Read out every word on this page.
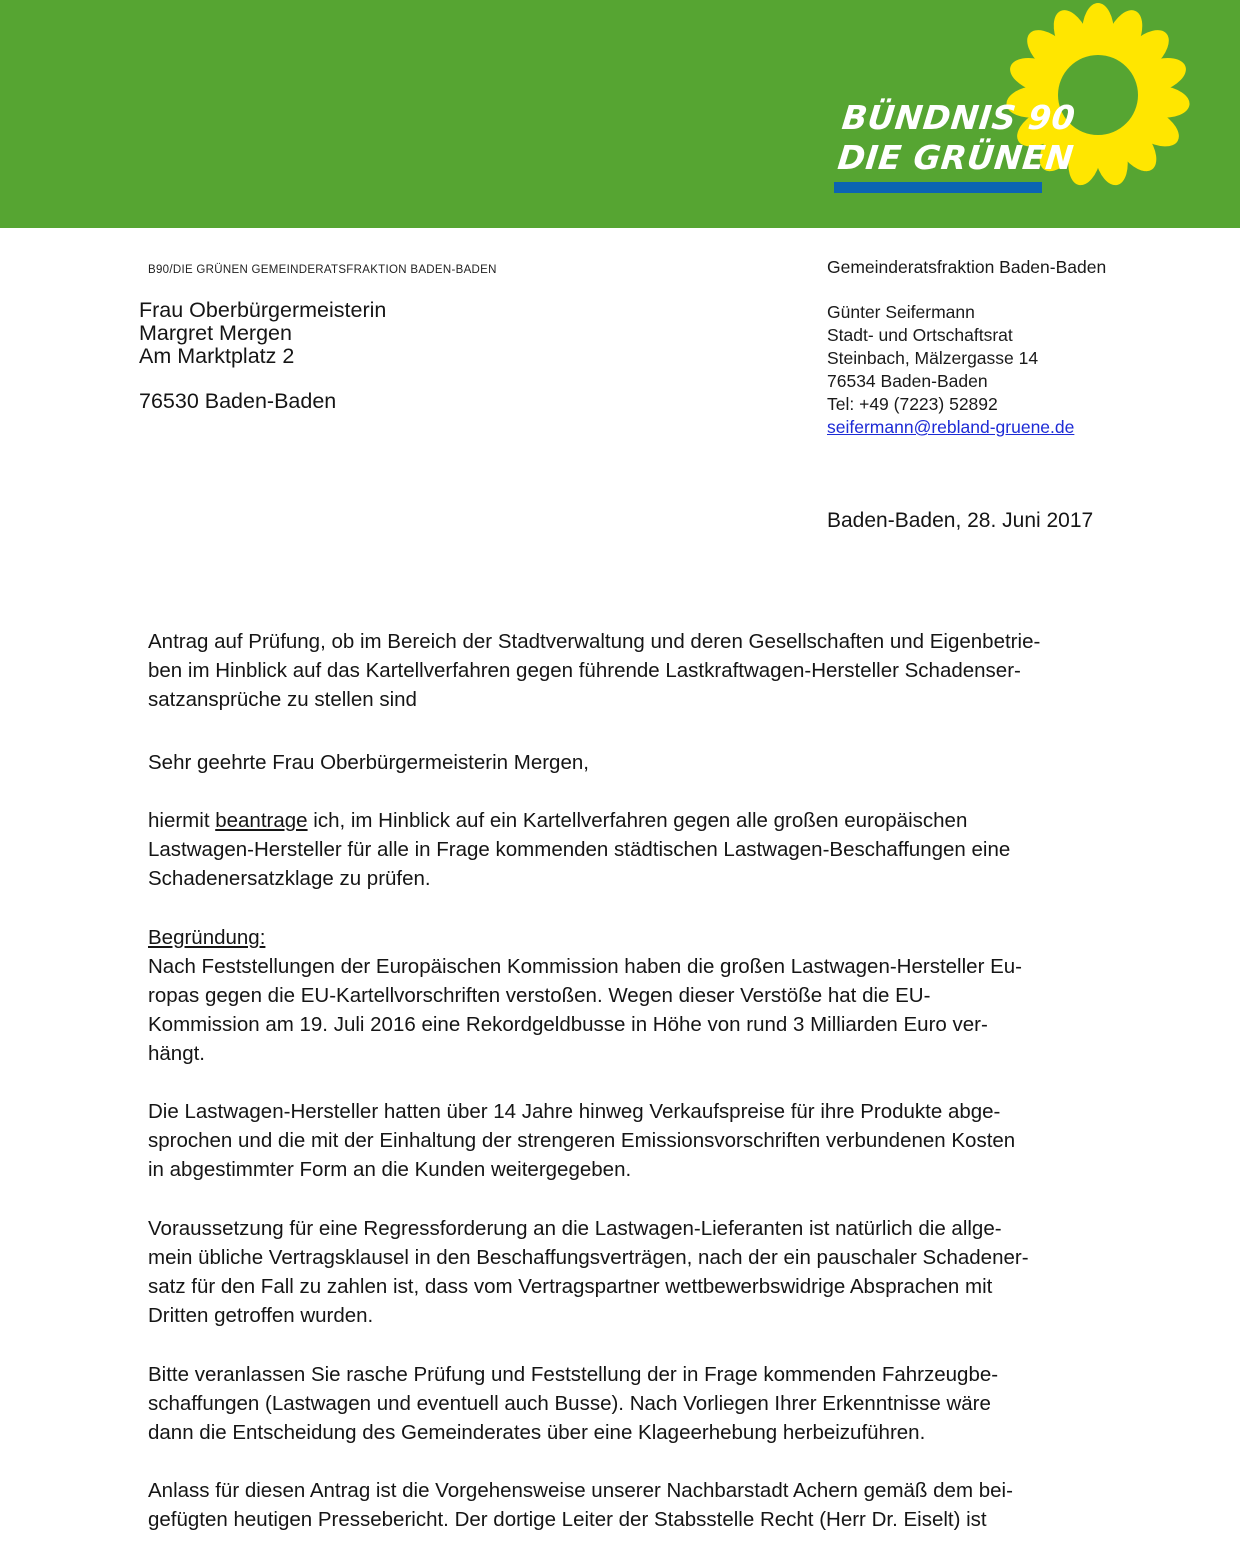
BÜNDNIS 90
DIE GRÜNEN
B90/DIE GRÜNEN GEMEINDERATSFRAKTION BADEN-BADEN
Frau Oberbürgermeisterin
Margret Mergen
Am Marktplatz 2
76530 Baden-Baden
Gemeinderatsfraktion Baden-Baden
Günter Seifermann
Stadt- und Ortschaftsrat
Steinbach, Mälzergasse 14
76534 Baden-Baden
Tel: +49 (7223) 52892
seifermann@rebland-gruene.de
Baden-Baden, 28. Juni 2017
Antrag auf Prüfung, ob im Bereich der Stadtverwaltung und deren Gesellschaften und Eigenbetrie-
ben im Hinblick auf das Kartellverfahren gegen führende Lastkraftwagen-Hersteller Schadenser-
satzansprüche zu stellen sind
Sehr geehrte Frau Oberbürgermeisterin Mergen,
hiermit beantrage ich, im Hinblick auf ein Kartellverfahren gegen alle großen europäischen
Lastwagen-Hersteller für alle in Frage kommenden städtischen Lastwagen-Beschaffungen eine
Schadenersatzklage zu prüfen.
Begründung:
Nach Feststellungen der Europäischen Kommission haben die großen Lastwagen-Hersteller Eu-
ropas gegen die EU-Kartellvorschriften verstoßen. Wegen dieser Verstöße hat die EU-
Kommission am 19. Juli 2016 eine Rekordgeldbusse in Höhe von rund 3 Milliarden Euro ver-
hängt.
Die Lastwagen-Hersteller hatten über 14 Jahre hinweg Verkaufspreise für ihre Produkte abge-
sprochen und die mit der Einhaltung der strengeren Emissionsvorschriften verbundenen Kosten
in abgestimmter Form an die Kunden weitergegeben.
Voraussetzung für eine Regressforderung an die Lastwagen-Lieferanten ist natürlich die allge-
mein übliche Vertragsklausel in den Beschaffungsverträgen, nach der ein pauschaler Schadener-
satz für den Fall zu zahlen ist, dass vom Vertragspartner wettbewerbswidrige Absprachen mit
Dritten getroffen wurden.
Bitte veranlassen Sie rasche Prüfung und Feststellung der in Frage kommenden Fahrzeugbe-
schaffungen (Lastwagen und eventuell auch Busse). Nach Vorliegen Ihrer Erkenntnisse wäre
dann die Entscheidung des Gemeinderates über eine Klageerhebung herbeizuführen.
Anlass für diesen Antrag ist die Vorgehensweise unserer Nachbarstadt Achern gemäß dem bei-
gefügten heutigen Pressebericht. Der dortige Leiter der Stabsstelle Recht (Herr Dr. Eiselt) ist
